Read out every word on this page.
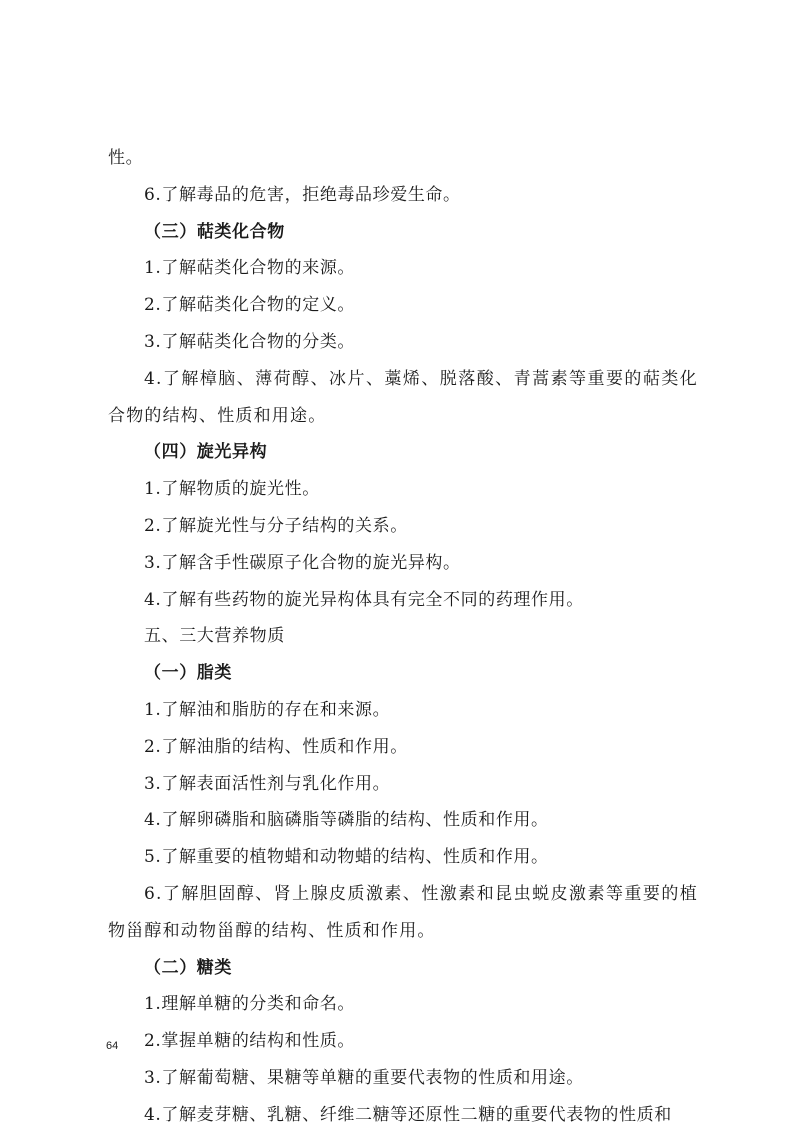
性。
6.了解毒品的危害，拒绝毒品珍爱生命。
（三）萜类化合物
1.了解萜类化合物的来源。
2.了解萜类化合物的定义。
3.了解萜类化合物的分类。
4.了解樟脑、薄荷醇、冰片、藁烯、脱落酸、青蒿素等重要的萜类化合物的结构、性质和用途。
（四）旋光异构
1.了解物质的旋光性。
2.了解旋光性与分子结构的关系。
3.了解含手性碳原子化合物的旋光异构。
4.了解有些药物的旋光异构体具有完全不同的药理作用。
五、三大营养物质
（一）脂类
1.了解油和脂肪的存在和来源。
2.了解油脂的结构、性质和作用。
3.了解表面活性剂与乳化作用。
4.了解卵磷脂和脑磷脂等磷脂的结构、性质和作用。
5.了解重要的植物蜡和动物蜡的结构、性质和作用。
6.了解胆固醇、肾上腺皮质激素、性激素和昆虫蜕皮激素等重要的植物甾醇和动物甾醇的结构、性质和作用。
（二）糖类
1.理解单糖的分类和命名。
2.掌握单糖的结构和性质。
3.了解葡萄糖、果糖等单糖的重要代表物的性质和用途。
4.了解麦芽糖、乳糖、纤维二糖等还原性二糖的重要代表物的性质和
64
